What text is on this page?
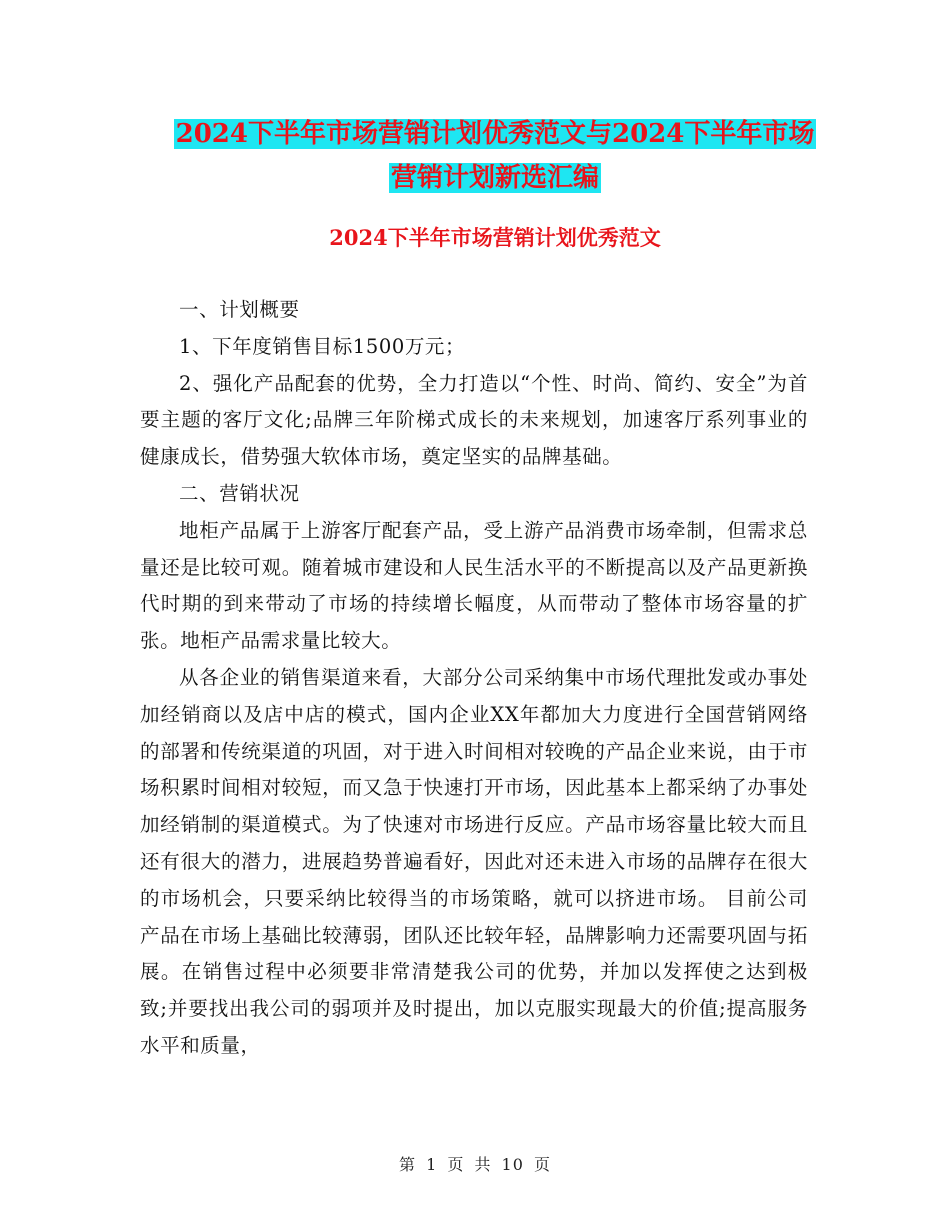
2024下半年市场营销计划优秀范文与2024下半年市场
营销计划新选汇编
2024下半年市场营销计划优秀范文

一、计划概要

1、下年度销售目标1500万元；

2、强化产品配套的优势，全力打造以“个性、时尚、简约、安全”为首要主题的客厅文化;品牌三年阶梯式成长的未来规划，加速客厅系列事业的健康成长，借势强大软体市场，奠定坚实的品牌基础。

二、营销状况

地柜产品属于上游客厅配套产品，受上游产品消费市场牵制，但需求总量还是比较可观。随着城市建设和人民生活水平的不断提高以及产品更新换代时期的到来带动了市场的持续增长幅度，从而带动了整体市场容量的扩张。地柜产品需求量比较大。

从各企业的销售渠道来看，大部分公司采纳集中市场代理批发或办事处加经销商以及店中店的模式，国内企业XX年都加大力度进行全国营销网络的部署和传统渠道的巩固，对于进入时间相对较晚的产品企业来说，由于市场积累时间相对较短，而又急于快速打开市场，因此基本上都采纳了办事处加经销制的渠道模式。为了快速对市场进行反应。产品市场容量比较大而且还有很大的潜力，进展趋势普遍看好，因此对还未进入市场的品牌存在很大的市场机会，只要采纳比较得当的市场策略，就可以挤进市场。 目前公司产品在市场上基础比较薄弱，团队还比较年轻，品牌影响力还需要巩固与拓展。在销售过程中必须要非常清楚我公司的优势，并加以发挥使之达到极致;并要找出我公司的弱项并及时提出，加以克服实现最大的价值;提高服务水平和质量，

第 1 页 共 10 页
